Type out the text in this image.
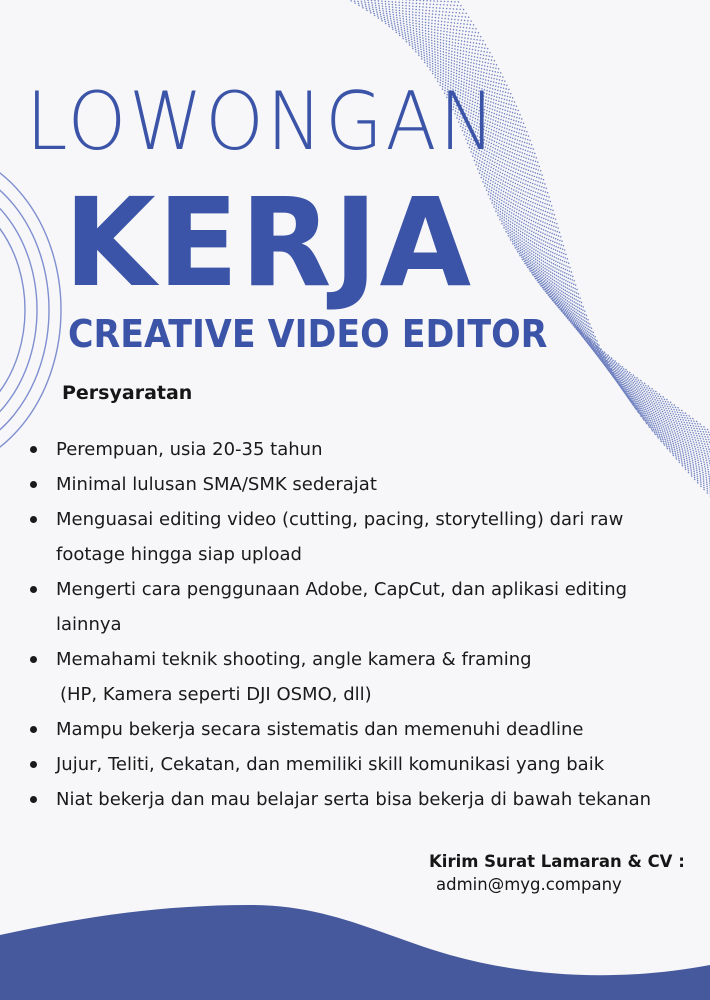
LOWONGAN
KERJA
CREATIVE VIDEO EDITOR
Persyaratan
Perempuan, usia 20-35 tahun
Minimal lulusan SMA/SMK sederajat
Menguasai editing video (cutting, pacing, storytelling) dari raw
footage hingga siap upload
Mengerti cara penggunaan Adobe, CapCut, dan aplikasi editing
lainnya
Memahami teknik shooting, angle kamera & framing
(HP, Kamera seperti DJI OSMO, dll)
Mampu bekerja secara sistematis dan memenuhi deadline
Jujur, Teliti, Cekatan, dan memiliki skill komunikasi yang baik
Niat bekerja dan mau belajar serta bisa bekerja di bawah tekanan
Kirim Surat Lamaran & CV :
admin@myg.company
